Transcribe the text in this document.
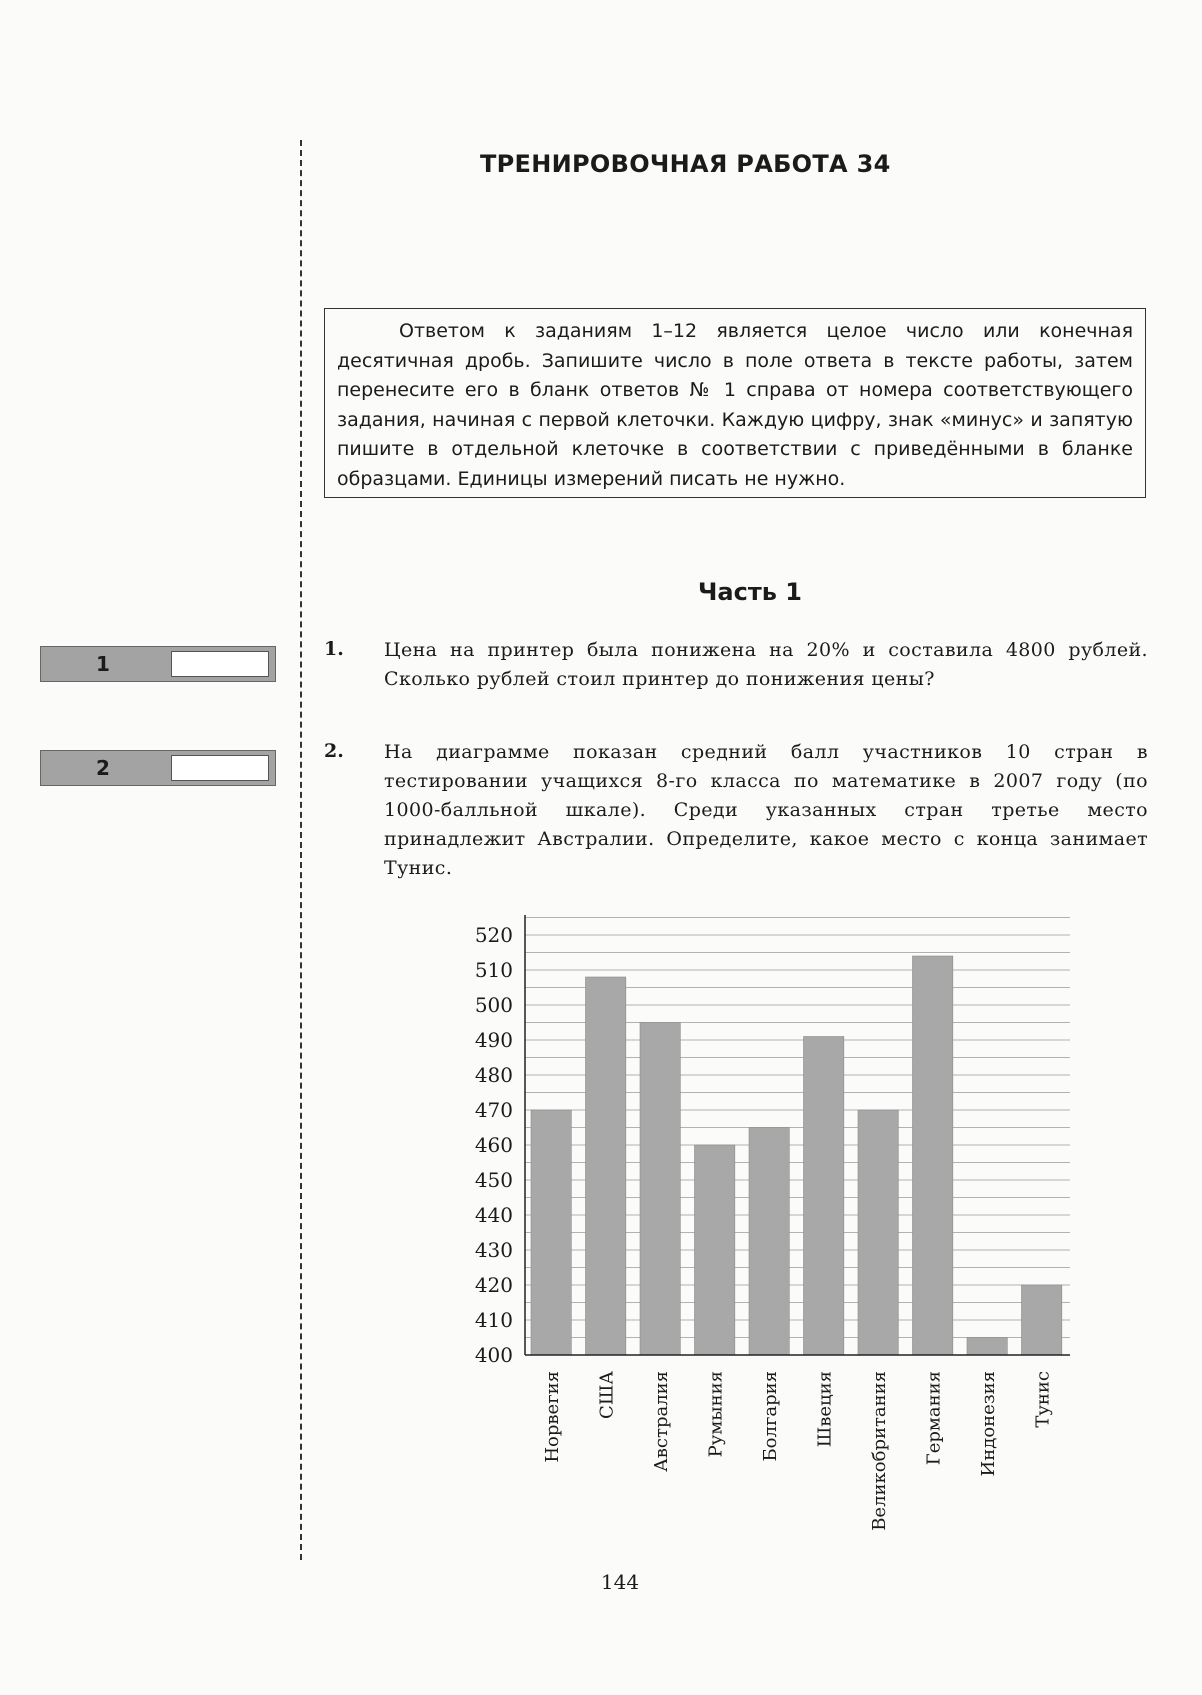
ТРЕНИРОВОЧНАЯ РАБОТА 34
Ответом к заданиям 1–12 является целое число или конечная десятичная дробь. Запишите число в поле ответа в тексте работы, затем перенесите его в бланк ответов № 1 справа от номера соответствующего задания, начиная с первой клеточки. Каждую цифру, знак «минус» и запятую пишите в отдельной клеточке в соответствии с приведёнными в бланке образцами. Единицы измерений писать не нужно.
Часть 1
1
2
1. Цена на принтер была понижена на 20% и составила 4800 рублей. Сколько рублей стоил принтер до понижения цены?
2. На диаграмме показан средний балл участников 10 стран в тестировании учащихся 8-го класса по математике в 2007 году (по 1000-балльной шкале). Среди указанных стран третье место принадлежит Австралии. Определите, какое место с конца занимает Тунис.
520
510
500
490
480
470
460
450
440
430
420
410
400
Норвегия США Австралия Румыния Болгария Швеция Великобритания Германия Индонезия Тунис
144
